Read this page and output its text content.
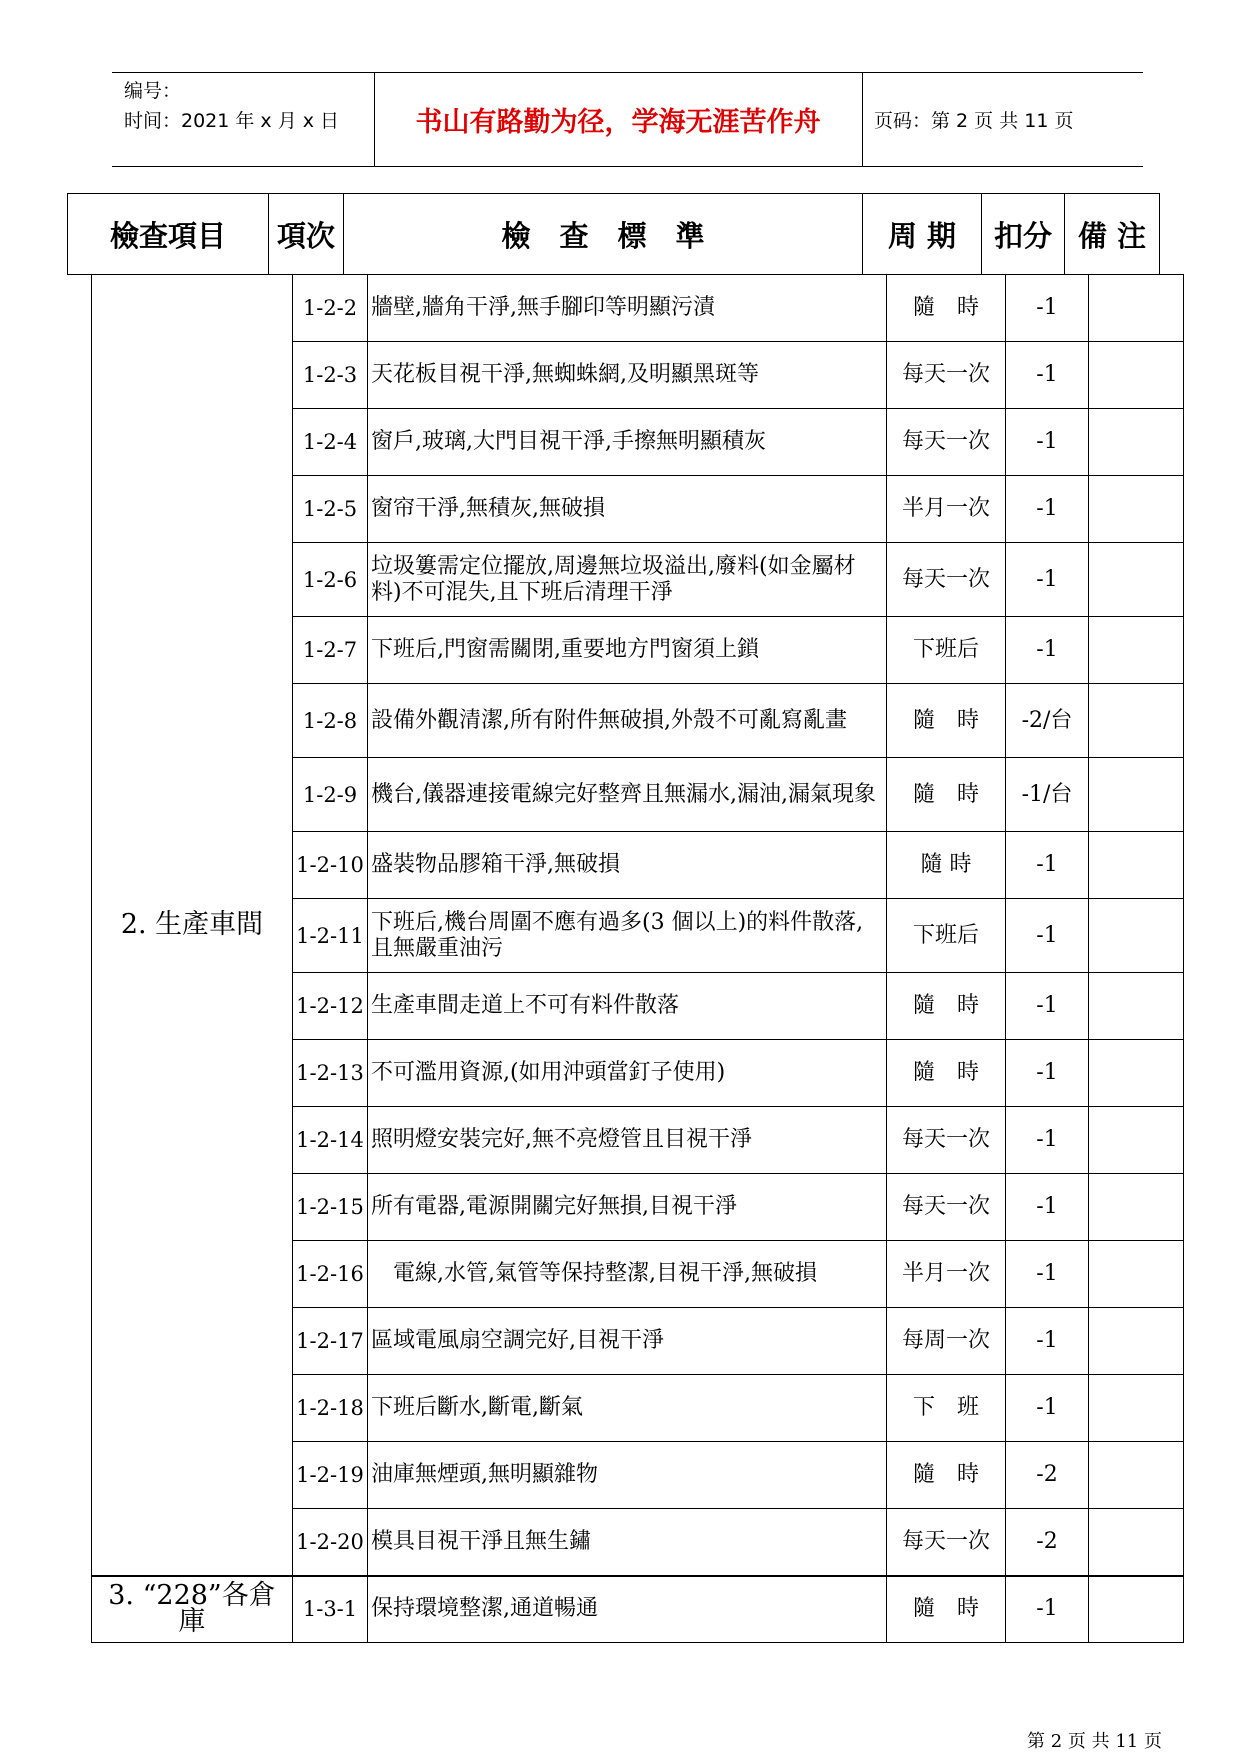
编号：
时间：2021 年 x 月 x 日	书山有路勤为径，学海无涯苦作舟	页码：第 2 页 共 11 页
檢查項目	項次	檢　查　標　準	周 期	扣分	備 注
2. 生產車間	1-2-2	牆壁,牆角干淨,無手腳印等明顯污漬	隨　時	-1	
	1-2-3	天花板目視干淨,無蜘蛛網,及明顯黑斑等	每天一次	-1	
	1-2-4	窗戶,玻璃,大門目視干淨,手擦無明顯積灰	每天一次	-1	
	1-2-5	窗帘干淨,無積灰,無破損	半月一次	-1	
	1-2-6	垃圾簍需定位擺放,周邊無垃圾溢出,廢料(如金屬材料)不可混失,且下班后清理干淨	每天一次	-1	
	1-2-7	下班后,門窗需關閉,重要地方門窗須上鎖	下班后	-1	
	1-2-8	設備外觀清潔,所有附件無破損,外殼不可亂寫亂畫	隨　時	-2/台	
	1-2-9	機台,儀器連接電線完好整齊且無漏水,漏油,漏氣現象	隨　時	-1/台	
	1-2-10	盛裝物品膠箱干淨,無破損	隨 時	-1	
	1-2-11	下班后,機台周圍不應有過多(3 個以上)的料件散落,且無嚴重油污	下班后	-1	
	1-2-12	生產車間走道上不可有料件散落	隨　時	-1	
	1-2-13	不可濫用資源,(如用沖頭當釘子使用)	隨　時	-1	
	1-2-14	照明燈安裝完好,無不亮燈管且目視干淨	每天一次	-1	
	1-2-15	所有電器,電源開關完好無損,目視干淨	每天一次	-1	
	1-2-16	　電線,水管,氣管等保持整潔,目視干淨,無破損	半月一次	-1	
	1-2-17	區域電風扇空調完好,目視干淨	每周一次	-1	
	1-2-18	下班后斷水,斷電,斷氣	下　班	-1	
	1-2-19	油庫無煙頭,無明顯雜物	隨　時	-2	
	1-2-20	模具目視干淨且無生鏽	每天一次	-2	
3. “228”各倉庫	1-3-1	保持環境整潔,通道暢通	隨　時	-1	
第 2 页 共 11 页
